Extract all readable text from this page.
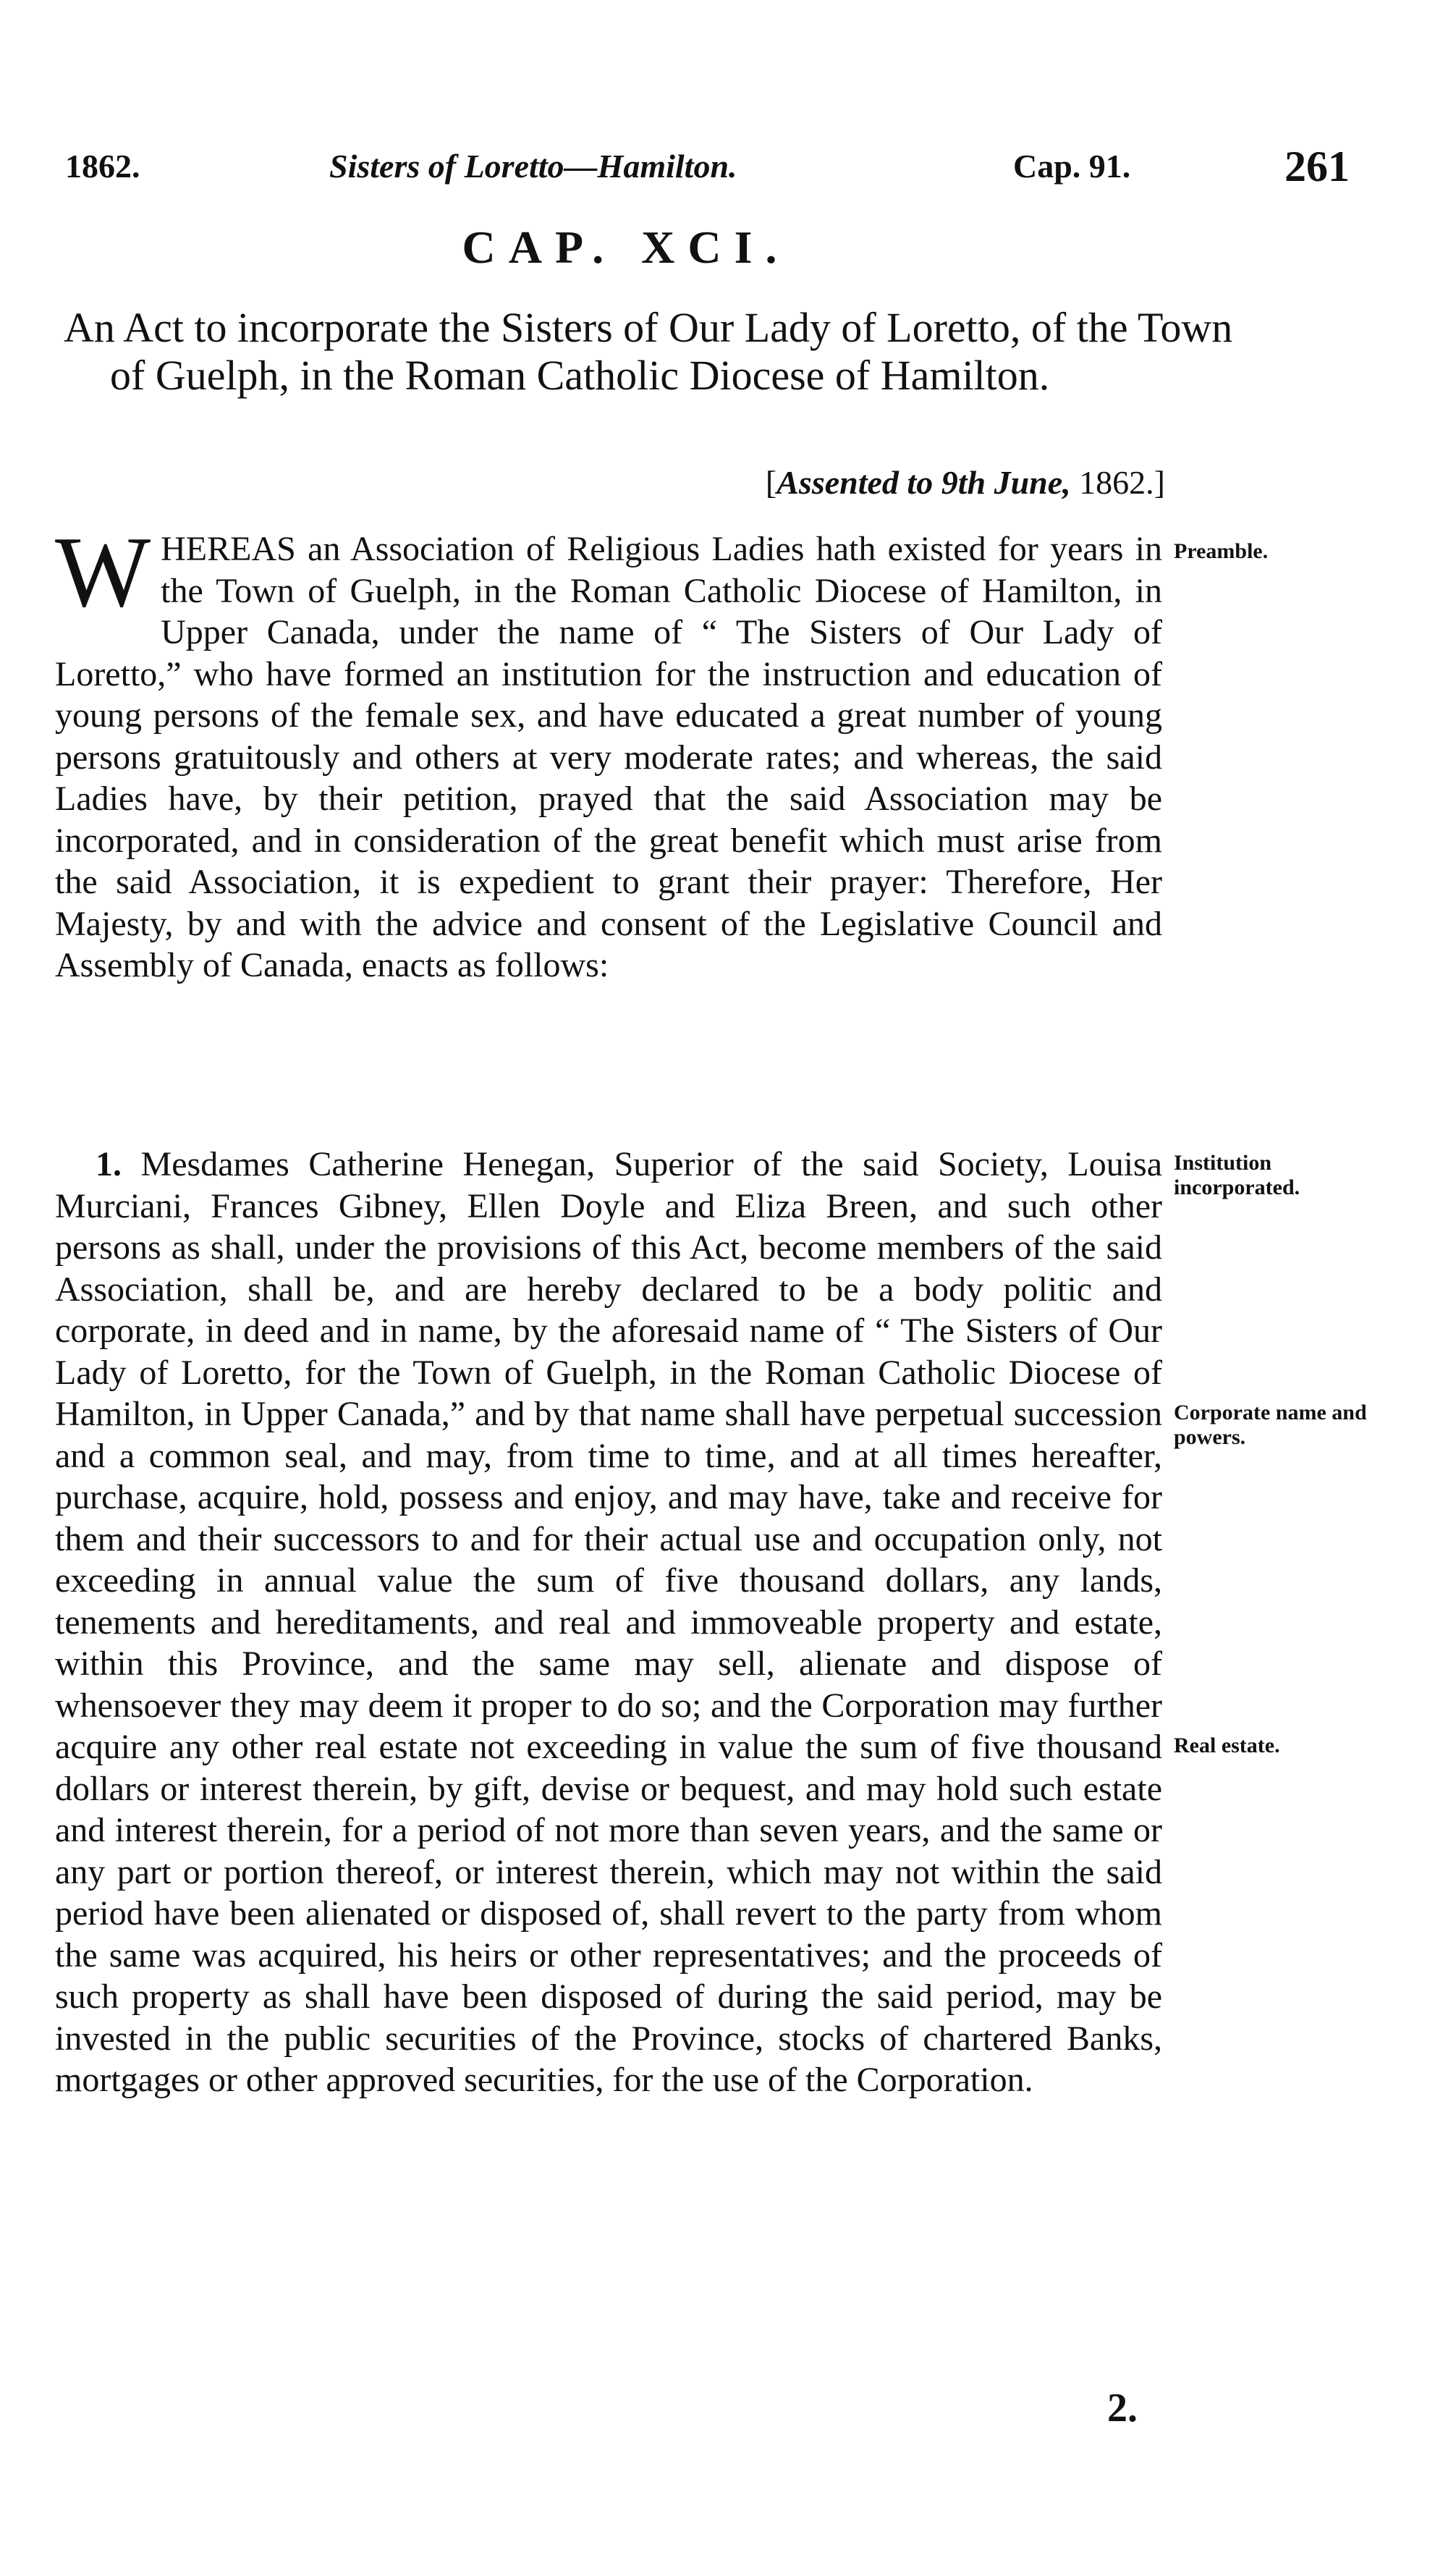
1862.	Sisters of Loretto—Hamilton.	Cap. 91.	261
CAP. XCI.
An Act to incorporate the Sisters of Our Lady of Loretto, of the Town of Guelph, in the Roman Catholic Diocese of Hamilton.
[Assented to 9th June, 1862.]
WHEREAS an Association of Religious Ladies hath existed for years in the Town of Guelph, in the Roman Catholic Diocese of Hamilton, in Upper Canada, under the name of “ The Sisters of Our Lady of Loretto,” who have formed an institution for the instruction and education of young persons of the female sex, and have educated a great number of young persons gratuitously and others at very moderate rates; and whereas, the said Ladies have, by their petition, prayed that the said Association may be incorporated, and in consideration of the great benefit which must arise from the said Association, it is expedient to grant their prayer: Therefore, Her Majesty, by and with the advice and consent of the Legislative Council and Assembly of Canada, enacts as follows:
1. Mesdames Catherine Henegan, Superior of the said Society, Louisa Murciani, Frances Gibney, Ellen Doyle and Eliza Breen, and such other persons as shall, under the provisions of this Act, become members of the said Association, shall be, and are hereby declared to be a body politic and corporate, in deed and in name, by the aforesaid name of “ The Sisters of Our Lady of Loretto, for the Town of Guelph, in the Roman Catholic Diocese of Hamilton, in Upper Canada,” and by that name shall have perpetual succession and a common seal, and may, from time to time, and at all times hereafter, purchase, acquire, hold, possess and enjoy, and may have, take and receive for them and their successors to and for their actual use and occupation only, not exceeding in annual value the sum of five thousand dollars, any lands, tenements and hereditaments, and real and immoveable property and estate, within this Province, and the same may sell, alienate and dispose of whensoever they may deem it proper to do so; and the Corporation may further acquire any other real estate not exceeding in value the sum of five thousand dollars or interest therein, by gift, devise or bequest, and may hold such estate and interest therein, for a period of not more than seven years, and the same or any part or portion thereof, or interest therein, which may not within the said period have been alienated or disposed of, shall revert to the party from whom the same was acquired, his heirs or other representatives; and the proceeds of such property as shall have been disposed of during the said period, may be invested in the public securities of the Province, stocks of chartered Banks, mortgages or other approved securities, for the use of the Corporation.
Preamble.
Institution incorporated.
Corporate name and powers.
Real estate.
2.
